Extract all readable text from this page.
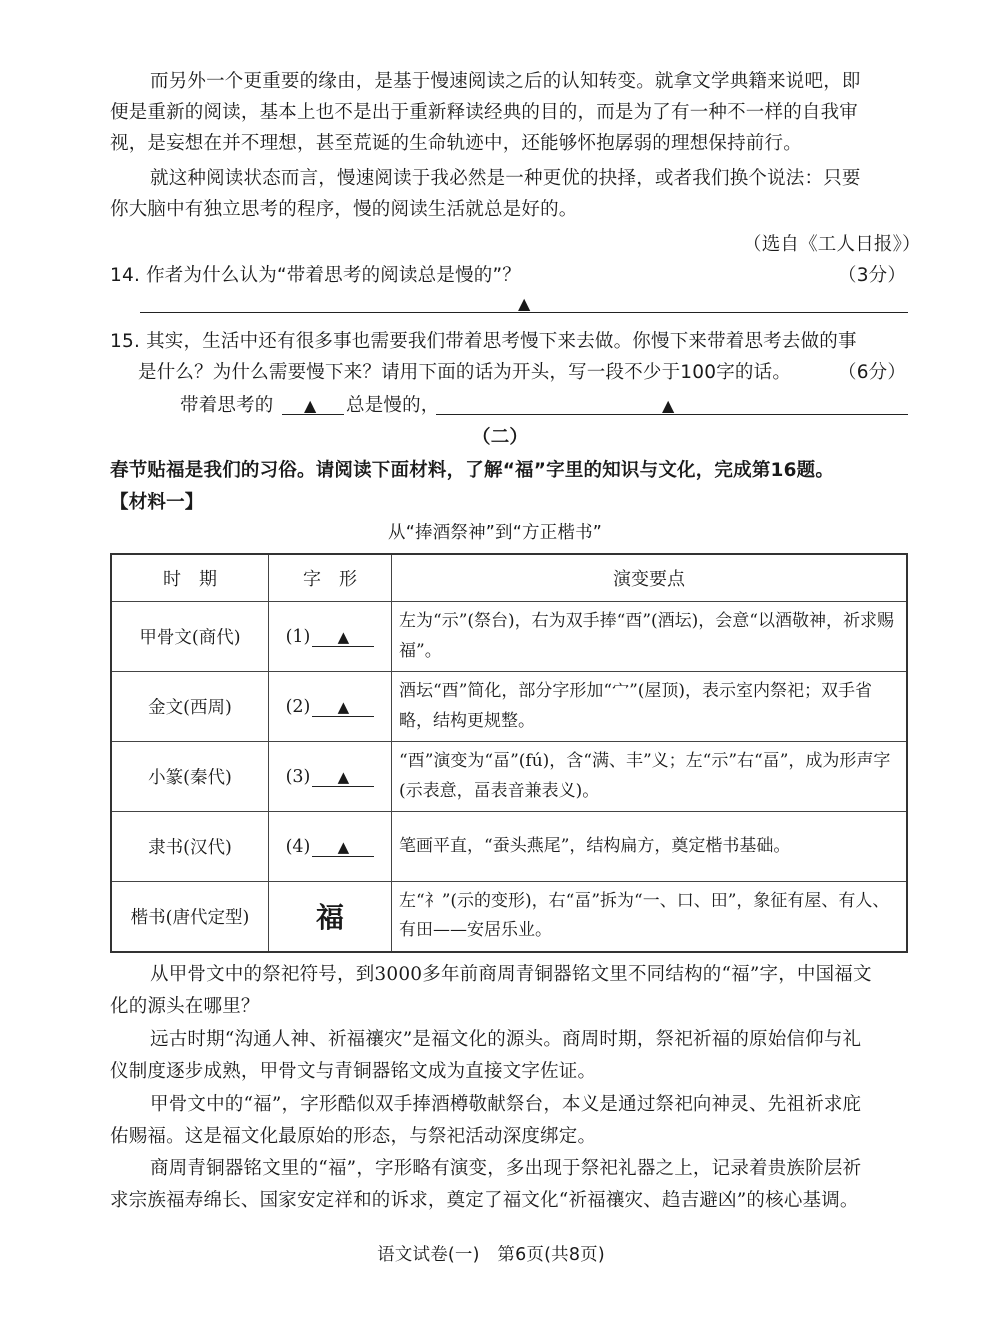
而另外一个更重要的缘由，是基于慢速阅读之后的认知转变。就拿文学典籍来说吧，即
便是重新的阅读，基本上也不是出于重新释读经典的目的，而是为了有一种不一样的自我审
视，是妄想在并不理想，甚至荒诞的生命轨迹中，还能够怀抱孱弱的理想保持前行。
就这种阅读状态而言，慢速阅读于我必然是一种更优的抉择，或者我们换个说法：只要
你大脑中有独立思考的程序，慢的阅读生活就总是好的。
（选自《工人日报》）
14. 作者为什么认为“带着思考的阅读总是慢的”？	（3分）
▲
15. 其实，生活中还有很多事也需要我们带着思考慢下来去做。你慢下来带着思考去做的事
是什么？为什么需要慢下来？请用下面的话为开头，写一段不少于100字的话。	（6分）
带着思考的 ▲ 总是慢的，	▲
（二）
春节贴福是我们的习俗。请阅读下面材料，了解“福”字里的知识与文化，完成第16题。
【材料一】
从“捧酒祭神”到“方正楷书”
时　期	字　形	演变要点
甲骨文(商代)	(1) ▲	左为“示”(祭台)，右为双手捧“酉”(酒坛)，会意“以酒敬神，祈求赐福”。
金文(西周)	(2) ▲	酒坛“酉”简化，部分字形加“宀”(屋顶)，表示室内祭祀；双手省略，结构更规整。
小篆(秦代)	(3) ▲	“酉”演变为“畐”(fú)，含“满、丰”义；左“示”右“畐”，成为形声字(示表意，畐表音兼表义)。
隶书(汉代)	(4) ▲	笔画平直，“蚕头燕尾”，结构扁方，奠定楷书基础。
楷书(唐代定型)	福	左“礻”(示的变形)，右“畐”拆为“一、口、田”，象征有屋、有人、有田——安居乐业。
从甲骨文中的祭祀符号，到3000多年前商周青铜器铭文里不同结构的“福”字，中国福文
化的源头在哪里？
远古时期“沟通人神、祈福禳灾”是福文化的源头。商周时期，祭祀祈福的原始信仰与礼
仪制度逐步成熟，甲骨文与青铜器铭文成为直接文字佐证。
甲骨文中的“福”，字形酷似双手捧酒樽敬献祭台，本义是通过祭祀向神灵、先祖祈求庇
佑赐福。这是福文化最原始的形态，与祭祀活动深度绑定。
商周青铜器铭文里的“福”，字形略有演变，多出现于祭祀礼器之上，记录着贵族阶层祈
求宗族福寿绵长、国家安定祥和的诉求，奠定了福文化“祈福禳灾、趋吉避凶”的核心基调。
语文试卷(一)　第6页(共8页)
